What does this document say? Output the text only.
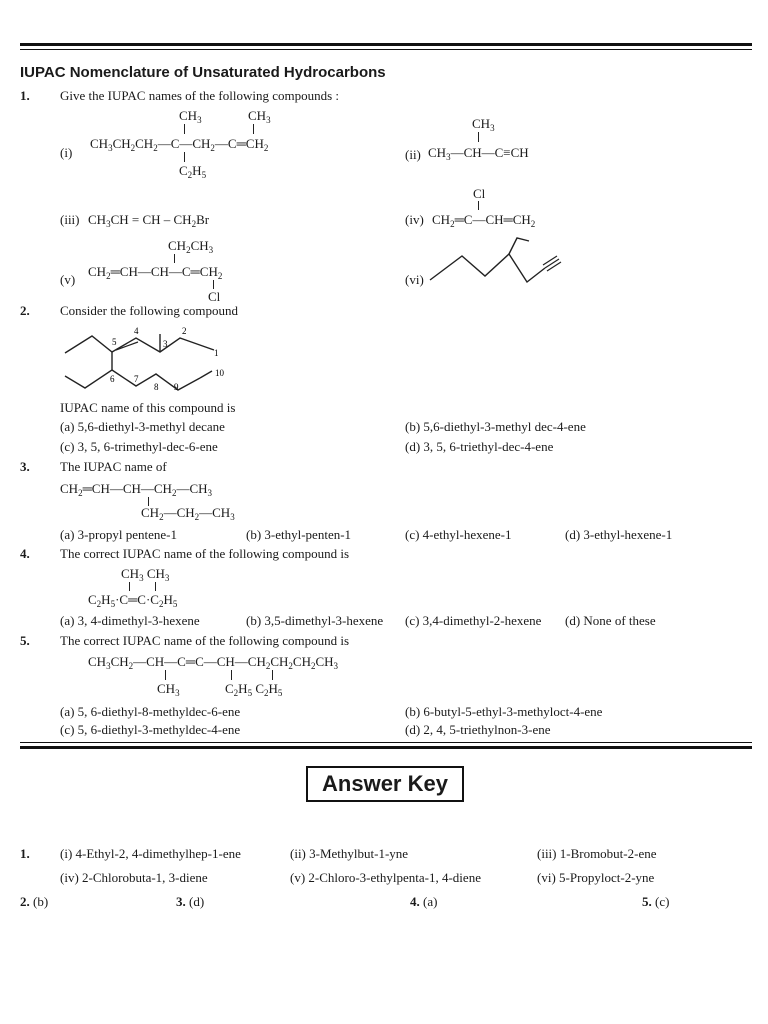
IUPAC Nomenclature of Unsaturated Hydrocarbons
1. Give the IUPAC names of the following compounds :
(i)
$CH_3$	$CH_3$
$CH_3CH_2CH_2—C—CH_2—C═CH_2$
$C_2H_5$
(ii)
$CH_3$
$CH_3—CH—C\equiv CH$
(iii) $CH_3CH$ = CH – $CH_2Br$	(iv)
Cl
$CH_2═C—CH═CH_2$
(v)
$CH_2CH_3$
$CH_2═CH—CH—C═CH_2$
Cl
(vi)
2. Consider the following compound
1
2
3
4
5
6 7
8 9
10
IUPAC name of this compound is
(a) 5,6-diethyl-3-methyl decane	(b) 5,6-diethyl-3-methyl dec-4-ene
(c) 3, 5, 6-trimethyl-dec-6-ene	(d) 3, 5, 6-triethyl-dec-4-ene
3. The IUPAC name of
$CH_2═CH—CH—CH_2—CH_3$
$CH_2—CH_2—CH_3$
(a) 3-propyl pentene-1	(b) 3-ethyl-penten-1	(c) 4-ethyl-hexene-1	(d) 3-ethyl-hexene-1
4. The correct IUPAC name of the following compound is
$CH_3$ $CH_3$
$C_2H_5\cdot C═C\cdot C_2H_5$
(a) 3, 4-dimethyl-3-hexene	(b) 3,5-dimethyl-3-hexene (c) 3,4-dimethyl-2-hexene (d) None of these
5. The correct IUPAC name of the following compound is
$CH_3CH_2—CH—C═C—CH—CH_2CH_2CH_2CH_3$
$CH_3$	$C_2H_5$ $C_2H_5$
(a) 5, 6-diethyl-8-methyldec-6-ene	(b) 6-butyl-5-ethyl-3-methyloct-4-ene
(c) 5, 6-diethyl-3-methyldec-4-ene	(d) 2, 4, 5-triethylnon-3-ene
Answer Key
1. (i) 4-Ethyl-2, 4-dimethylhep-1-ene	(ii) 3-Methylbut-1-yne	(iii) 1-Bromobut-2-ene
(iv) 2-Chlorobuta-1, 3-diene	(v) 2-Chloro-3-ethylpenta-1, 4-diene	(vi) 5-Propyloct-2-yne
2. (b)	3. (d)	4. (a)	5. (c)
